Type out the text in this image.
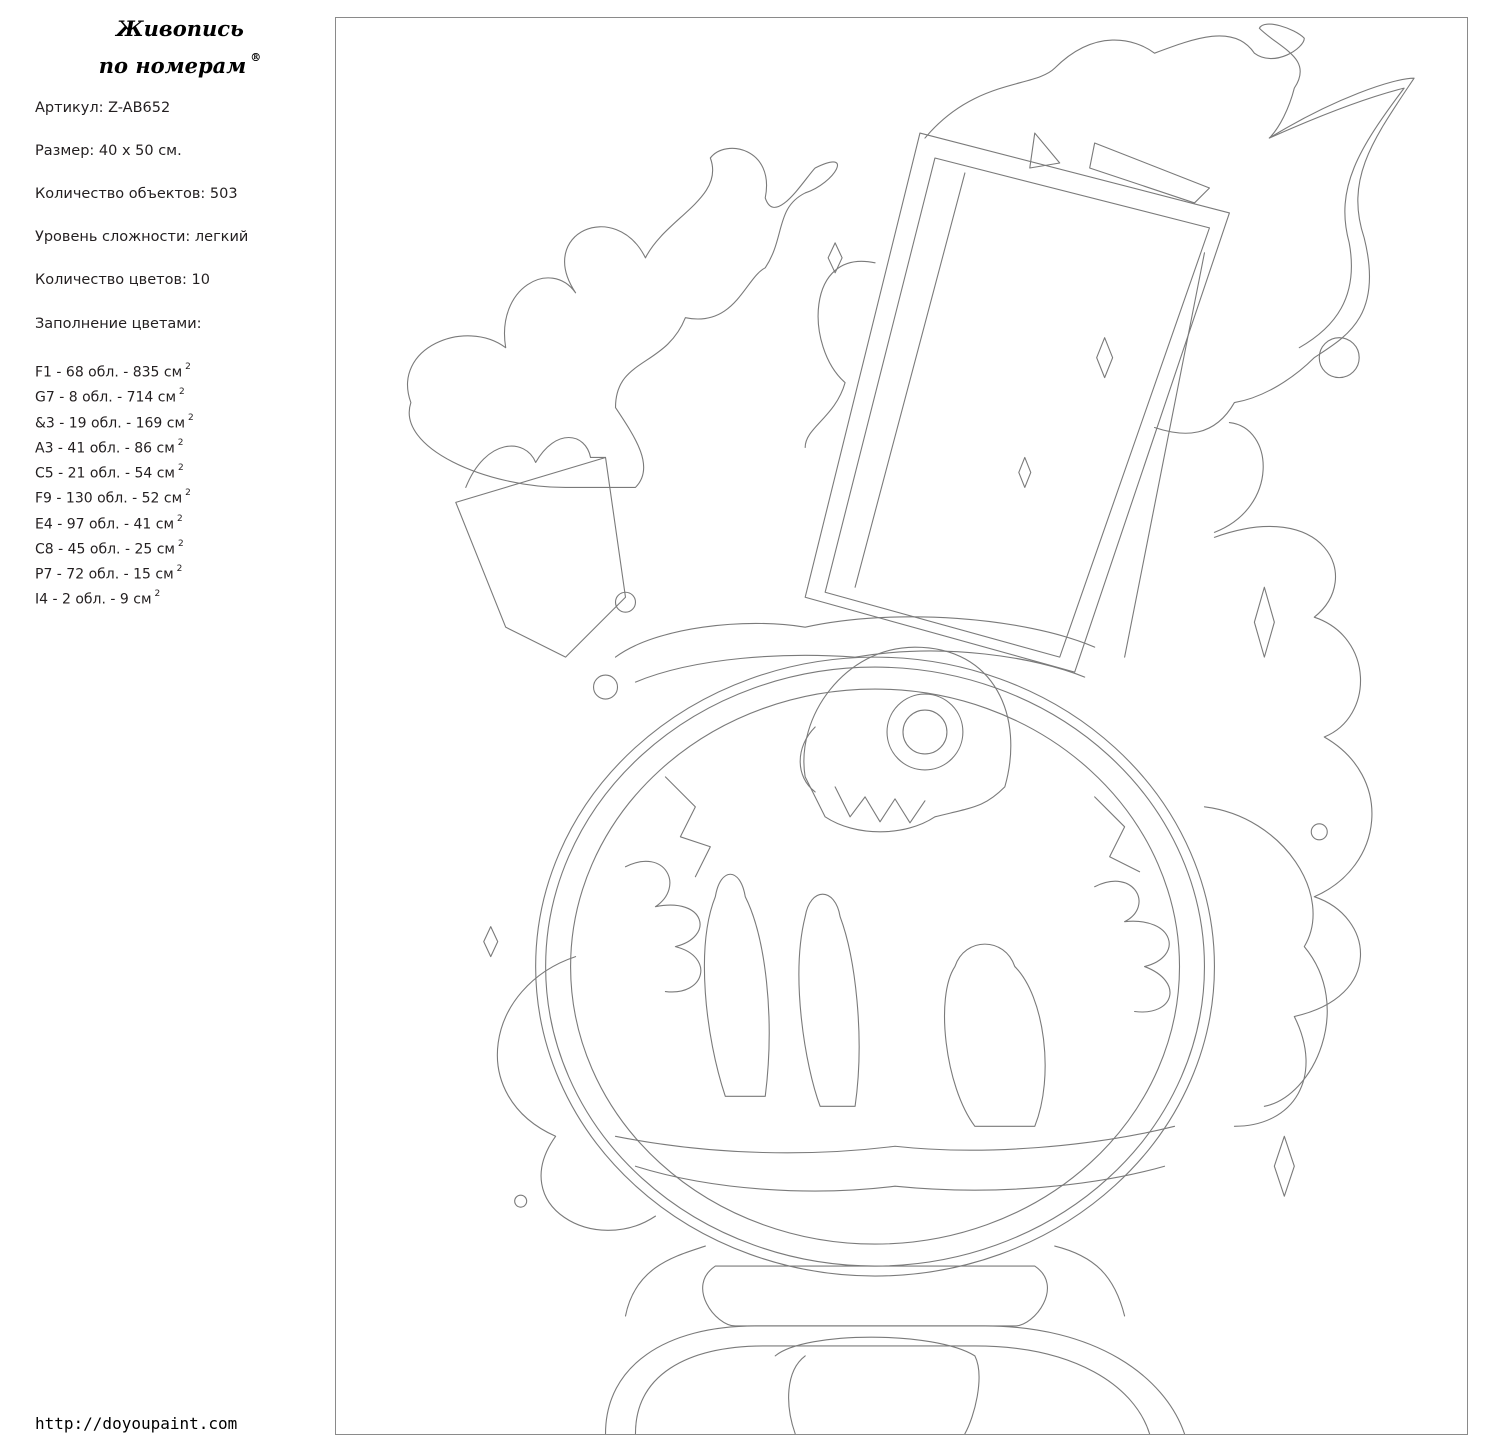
Живопись
по номерам ®
Артикул: Z-AB652
Размер: 40 x 50 см.
Количество объектов: 503
Уровень сложности: легкий
Количество цветов: 10
Заполнение цветами:
F1 - 68 обл. - 835 см $^2$
G7 - 8 обл. - 714 см $^2$
&3 - 19 обл. - 169 см $^2$
A3 - 41 обл. - 86 см $^2$
C5 - 21 обл. - 54 см $^2$
F9 - 130 обл. - 52 см $^2$
E4 - 97 обл. - 41 см $^2$
C8 - 45 обл. - 25 см $^2$
P7 - 72 обл. - 15 см $^2$
I4 - 2 обл. - 9 см $^2$
http://doyoupaint.com
